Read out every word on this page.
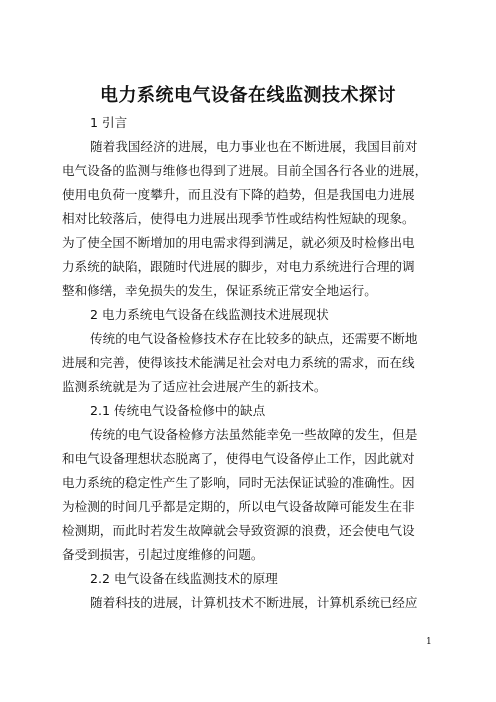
电力系统电气设备在线监测技术探讨
1 引言
随着我国经济的进展，电力事业也在不断进展，我国目前对
电气设备的监测与维修也得到了进展。目前全国各行各业的进展，
使用电负荷一度攀升，而且没有下降的趋势，但是我国电力进展
相对比较落后，使得电力进展出现季节性或结构性短缺的现象。
为了使全国不断增加的用电需求得到满足，就必须及时检修出电
力系统的缺陷，跟随时代进展的脚步，对电力系统进行合理的调
整和修缮，幸免损失的发生，保证系统正常安全地运行。
2 电力系统电气设备在线监测技术进展现状
传统的电气设备检修技术存在比较多的缺点，还需要不断地
进展和完善，使得该技术能满足社会对电力系统的需求，而在线
监测系统就是为了适应社会进展产生的新技术。
2.1 传统电气设备检修中的缺点
传统的电气设备检修方法虽然能幸免一些故障的发生，但是
和电气设备理想状态脱离了，使得电气设备停止工作，因此就对
电力系统的稳定性产生了影响，同时无法保证试验的准确性。因
为检测的时间几乎都是定期的，所以电气设备故障可能发生在非
检测期，而此时若发生故障就会导致资源的浪费，还会使电气设
备受到损害，引起过度维修的问题。
2.2 电气设备在线监测技术的原理
随着科技的进展，计算机技术不断进展，计算机系统已经应
1
